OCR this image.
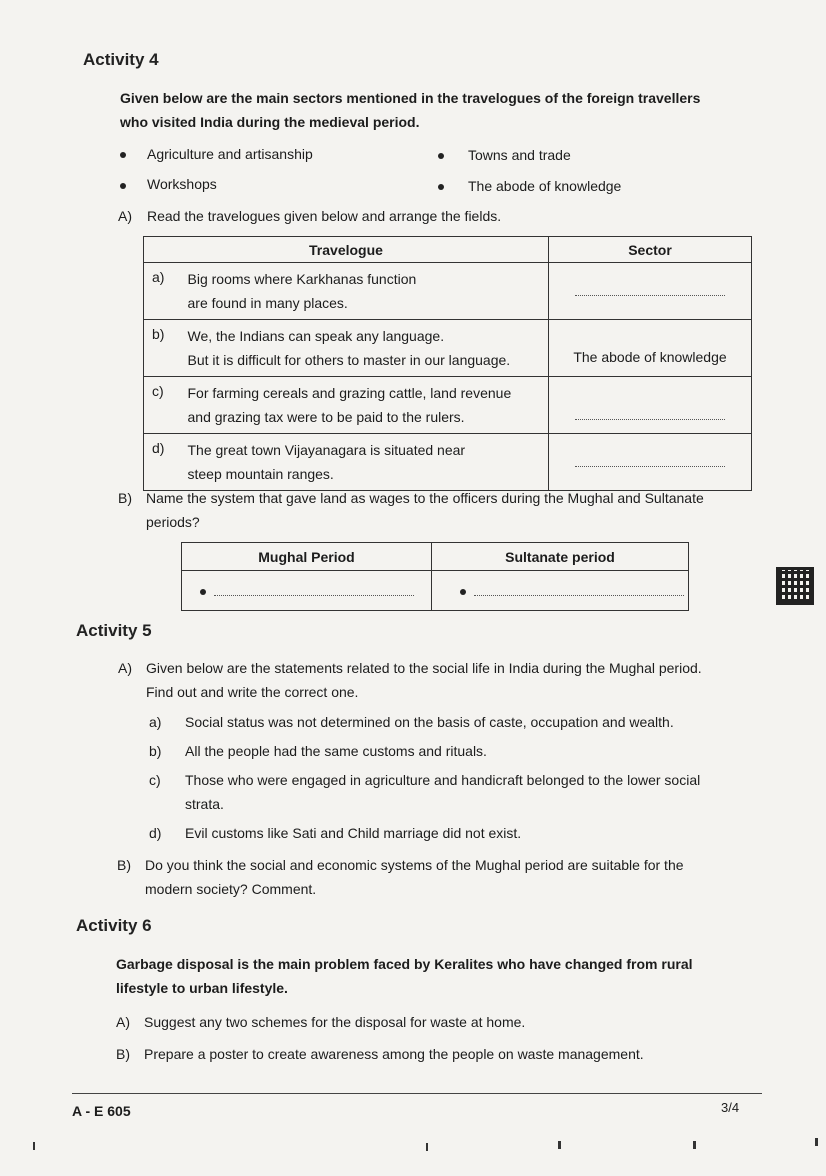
Activity 4
Given below are the main sectors mentioned in the travelogues of the foreign travellers
who visited India during the medieval period.
Agriculture and artisanship	Towns and trade
Workshops	The abode of knowledge
A) Read the travelogues given below and arrange the fields.
Travelogue		Sector
a)	Big rooms where Karkhanas function
are found in many places.	

b)	We, the Indians can speak any language.
But it is difficult for others to master in our language.	The abode of knowledge
c)	For farming cereals and grazing cattle, land revenue
and grazing tax were to be paid to the rulers.	

d)	The great town Vijayanagara is situated near
steep mountain ranges.	

B) Name the system that gave land as wages to the officers during the Mughal and Sultanate
periods?
Mughal Period	Sultanate period

Activity 5
A) Given below are the statements related to the social life in India during the Mughal period.
Find out and write the correct one.
a) Social status was not determined on the basis of caste, occupation and wealth.
b) All the people had the same customs and rituals.
c) Those who were engaged in agriculture and handicraft belonged to the lower social
strata.
d) Evil customs like Sati and Child marriage did not exist.
B) Do you think the social and economic systems of the Mughal period are suitable for the
modern society? Comment.
Activity 6
Garbage disposal is the main problem faced by Keralites who have changed from rural
lifestyle to urban lifestyle.
A) Suggest any two schemes for the disposal for waste at home.
B) Prepare a poster to create awareness among the people on waste management.
A - E 605	3/4
